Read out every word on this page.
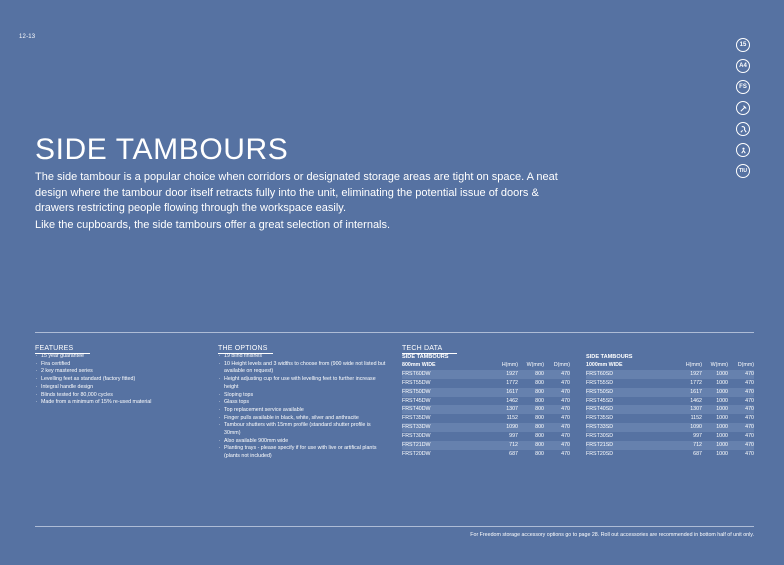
12-13
15
A4
FS
TIU
SIDE TAMBOURS

The side tambour is a popular choice when corridors or designated storage areas are tight on space. A neat design where the tambour door itself retracts fully into the unit, eliminating the potential issue of doors & drawers restricting people flowing through the workspace easily.

Like the cupboards, the side tambours offer a great selection of internals.

FEATURES
. 15 year guarantee
. Fira certified
. 2 key mastered series
. Levelling feet as standard (factory fitted)
. Integral handle design
. Blinds tested for 80,000 cycles
. Made from a minimum of 15% re-used material
THE OPTIONS
. 19 blind finishes
. 10 Height levels and 3 widths to choose from (900 wide not listed but available on request)
. Height adjusting cup for use with levelling feet to further increase height
. Sloping tops
. Glass tops
. Top replacement service available
. Finger pulls available in black, white, silver and anthracite
. Tambour shutters with 15mm profile (standard shutter profile is 30mm)
. Also available 900mm wide
. Planting trays - please specify if for use with live or artifical plants (plants not included)
TECH DATA
SIDE TAMBOURS
800mm WIDE	H(mm)	W(mm)	D(mm)
FRST60DW	1927	800	470
FRST55DW	1772	800	470
FRST50DW	1617	800	470
FRST45DW	1462	800	470
FRST40DW	1307	800	470
FRST35DW	1152	800	470
FRST33DW	1090	800	470
FRST30DW	997	800	470
FRST21DW	712	800	470
FRST20DW	687	800	470
SIDE TAMBOURS
1000mm WIDE	H(mm)	W(mm)	D(mm)
FRST60SD	1927	1000	470
FRST55SD	1772	1000	470
FRST50SD	1617	1000	470
FRST45SD	1462	1000	470
FRST40SD	1307	1000	470
FRST35SD	1152	1000	470
FRST33SD	1090	1000	470
FRST30SD	997	1000	470
FRST21SD	712	1000	470
FRST20SD	687	1000	470
For Freedom storage accessory options go to page 28. Roll out accessories are recommended in bottom half of unit only.
